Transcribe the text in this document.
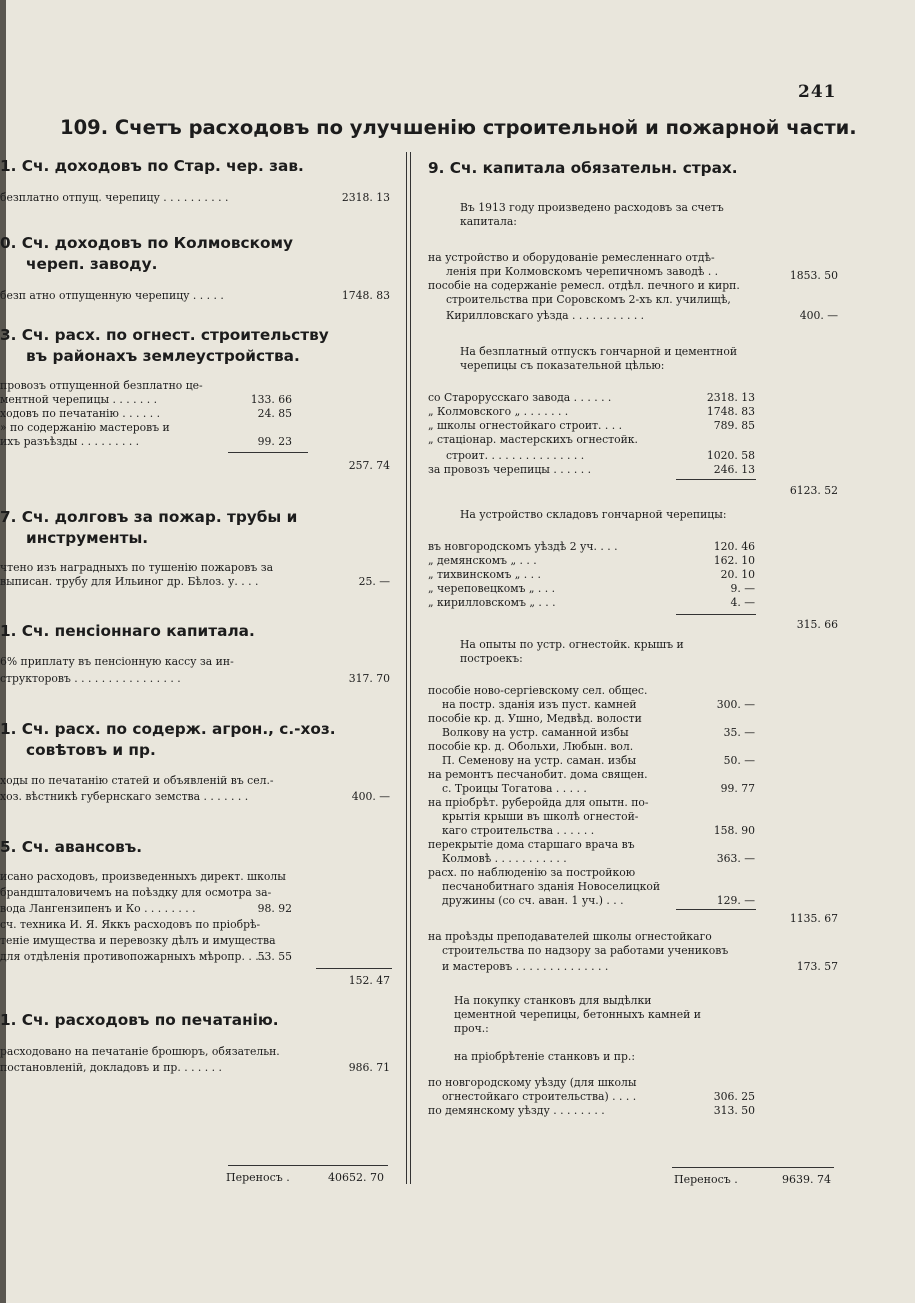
241
109. Счетъ расходовъ по улучшенію строительной и пожарной части.

1. Сч. доходовъ по Стар. чер. зав.

безплатно отпущ. черепицу . . . . . . . . . .	2318. 13

0. Сч. доходовъ по Колмовскому

череп. заводу.

безп атно отпущенную черепицу . . . . .	1748. 83

3. Сч. расх. по огнест. строительству

въ районахъ землеустройства.

провозъ отпущенной безплатно це-
ментной черепицы . . . . . . .	133. 66
ходовъ по печатанію . . . . . .	24. 85
» по содержанію мастеровъ и
ихъ разъѣзды . . . . . . . . .	99. 23
257. 74

7. Сч. долговъ за пожар. трубы и

инструменты.

чтено изъ наградныхъ по тушенію пожаровъ за
выписан. трубу для Ильиног др. Бѣлоз. у. . . .	25. —

1. Сч. пенсіоннаго капитала.

6% приплату въ пенсіонную кассу за ин-
структоровъ . . . . . . . . . . . . . . . .	317. 70

1. Сч. расх. по содерж. агрон., с.-хоз.

совѣтовъ и пр.

ходы по печатанію статей и объявленій въ сел.-
хоз. вѣстникѣ губернскаго земства . . . . . . .	400. —

5. Сч. авансовъ.

исано расходовъ, произведенныхъ директ. школы
брандшталовичемъ на поѣздку для осмотра за-
вода Лангензипенъ и Ко . . . . . . . .	98. 92
сч. техника И. Я. Яккъ расходовъ по пріобрѣ-
теніе имущества и перевозку дѣлъ и имущества
для отдѣленія противопожарныхъ мѣропр. . . .
53. 55
152. 47

1. Сч. расходовъ по печатанію.

расходовано на печатаніе брошюръ, обязательн.
постановленій, докладовъ и пр. . . . . . .	986. 71
Переносъ .	40652. 70

9. Сч. капитала обязательн. страх.

Въ 1913 году произведено расходовъ за счетъ капитала:

на устройство и оборудованіе ремесленнаго отдѣ-
ленія при Колмовскомъ черепичномъ заводѣ . .	1853. 50
пособіе на содержаніе ремесл. отдѣл. печного и кирп.
строительства при Соровскомъ 2-хъ кл. училищѣ,
Кирилловскаго уѣзда . . . . . . . . . . .	400. —

На безплатный отпускъ гончарной и цементной черепицы съ показательной цѣлью:

со Старорусскаго завода . . . . . .	2318. 13
„ Колмовского „ . . . . . . .	1748. 83
„ школы огнестойкаго строит. . . .	789. 85
„ стаціонар. мастерскихъ огнестойк.
строит. . . . . . . . . . . . . . .	1020. 58
за провозъ черепицы . . . . . .	246. 13
6123. 52

На устройство складовъ гончарной черепицы:

въ новгородскомъ уѣздѣ 2 уч. . . .	120. 46
„ демянскомъ „ . . .	162. 10
„ тихвинскомъ „ . . .	20. 10
„ череповецкомъ „ . . .	9. —
„ кирилловскомъ „ . . .	4. —
315. 66

На опыты по устр. огнестойк. крышъ и построекъ:

пособіе ново-сергіевскому сел. общес.
на постр. зданія изъ пуст. камней	300. —
пособіе кр. д. Ушно, Медвѣд. волости
Волкову на устр. саманной избы	35. —
пособіе кр. д. Обольхи, Любын. вол.
П. Семенову на устр. саман. избы	50. —
на ремонтъ песчанобит. дома священ.
с. Троицы Тогатова . . . . .	99. 77
на пріобрѣт. руберойда для опытн. по-
крытія крыши въ школѣ огнестой-
каго строительства . . . . . .	158. 90
перекрытіе дома старшаго врача въ
Колмовѣ . . . . . . . . . . .	363. —
расх. по наблюденію за постройкою
песчанобитнаго зданія Новоселицкой
дружины (со сч. аван. 1 уч.) . . .	129. —
1135. 67
на проѣзды преподавателей школы огнестойкаго
строительства по надзору за работами учениковъ
и мастеровъ . . . . . . . . . . . . . .	173. 57

На покупку станковъ для выдѣлки цементной черепицы, бетонныхъ камней и проч.:

на пріобрѣтеніе станковъ и пр.:

по новгородскому уѣзду (для школы
огнестойкаго строительства) . . . .	306. 25
по демянскому уѣзду . . . . . . . .	313. 50
Переносъ .	9639. 74
